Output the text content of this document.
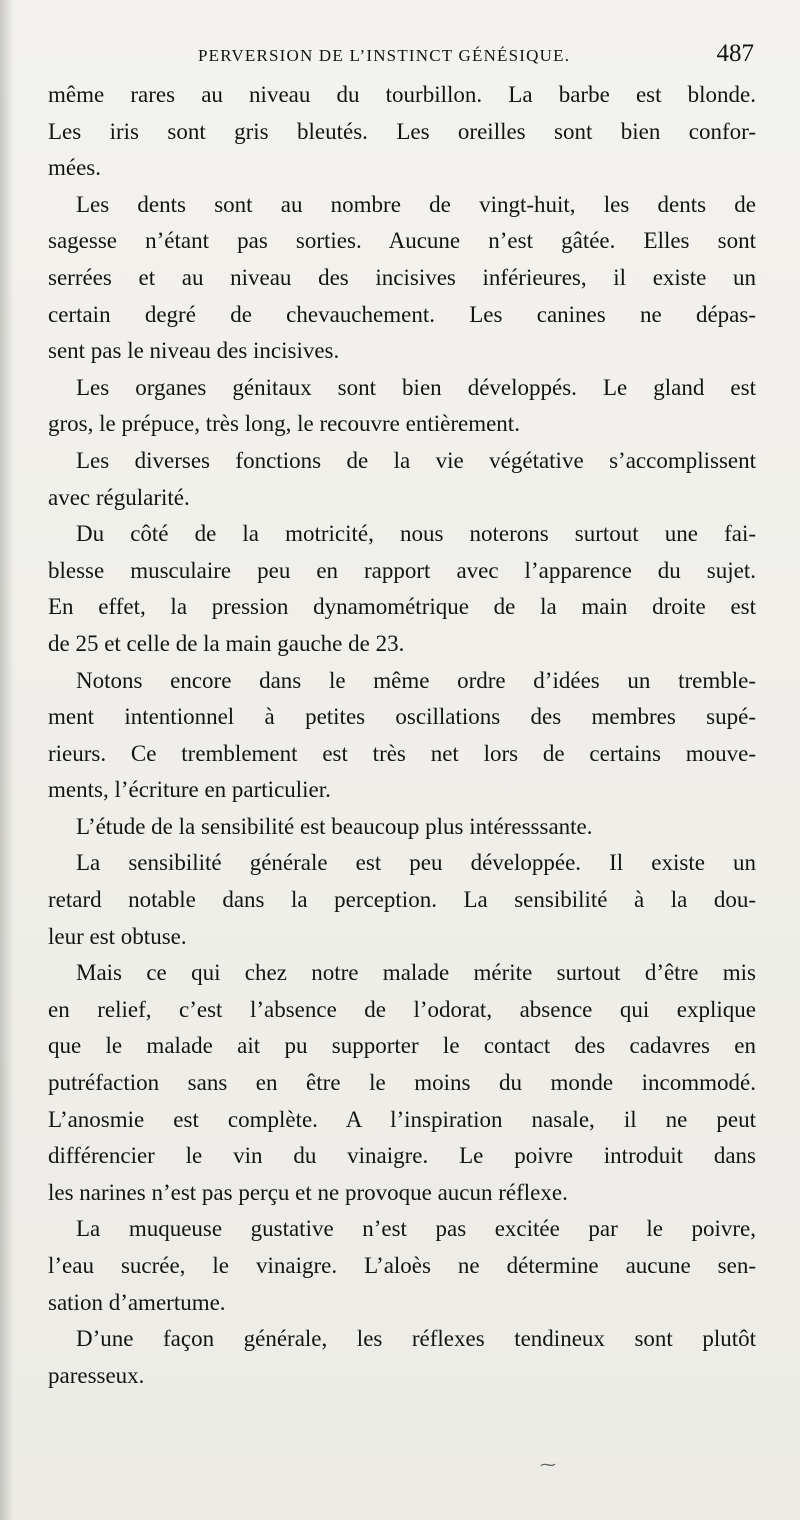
PERVERSION DE L’INSTINCT GÉNÉSIQUE.	487
même rares au niveau du tourbillon. La barbe est blonde.
Les iris sont gris bleutés. Les oreilles sont bien confor-
mées.
Les dents sont au nombre de vingt-huit, les dents de
sagesse n’étant pas sorties. Aucune n’est gâtée. Elles sont
serrées et au niveau des incisives inférieures, il existe un
certain degré de chevauchement. Les canines ne dépas-
sent pas le niveau des incisives.
Les organes génitaux sont bien développés. Le gland est
gros, le prépuce, très long, le recouvre entièrement.
Les diverses fonctions de la vie végétative s’accomplissent
avec régularité.
Du côté de la motricité, nous noterons surtout une fai-
blesse musculaire peu en rapport avec l’apparence du sujet.
En effet, la pression dynamométrique de la main droite est
de 25 et celle de la main gauche de 23.
Notons encore dans le même ordre d’idées un tremble-
ment intentionnel à petites oscillations des membres supé-
rieurs. Ce tremblement est très net lors de certains mouve-
ments, l’écriture en particulier.
L’étude de la sensibilité est beaucoup plus intéresssante.
La sensibilité générale est peu développée. Il existe un
retard notable dans la perception. La sensibilité à la dou-
leur est obtuse.
Mais ce qui chez notre malade mérite surtout d’être mis
en relief, c’est l’absence de l’odorat, absence qui explique
que le malade ait pu supporter le contact des cadavres en
putréfaction sans en être le moins du monde incommodé.
L’anosmie est complète. A l’inspiration nasale, il ne peut
différencier le vin du vinaigre. Le poivre introduit dans
les narines n’est pas perçu et ne provoque aucun réflexe.
La muqueuse gustative n’est pas excitée par le poivre,
l’eau sucrée, le vinaigre. L’aloès ne détermine aucune sen-
sation d’amertume.
D’une façon générale, les réflexes tendineux sont plutôt
paresseux.
⁓
